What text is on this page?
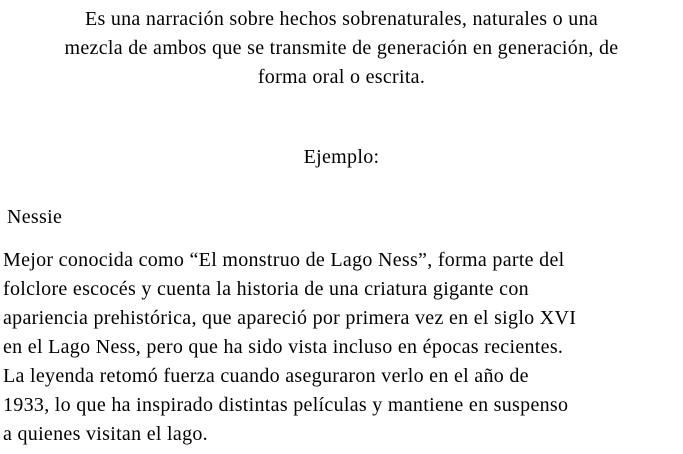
Es una narración sobre hechos sobrenaturales, naturales o una
mezcla de ambos que se transmite de generación en generación, de
forma oral o escrita.
Ejemplo:
Nessie
Mejor conocida como “El monstruo de Lago Ness”, forma parte del
folclore escocés y cuenta la historia de una criatura gigante con
apariencia prehistórica, que apareció por primera vez en el siglo XVI
en el Lago Ness, pero que ha sido vista incluso en épocas recientes.
La leyenda retomó fuerza cuando aseguraron verlo en el año de
1933, lo que ha inspirado distintas películas y mantiene en suspenso
a quienes visitan el lago.
